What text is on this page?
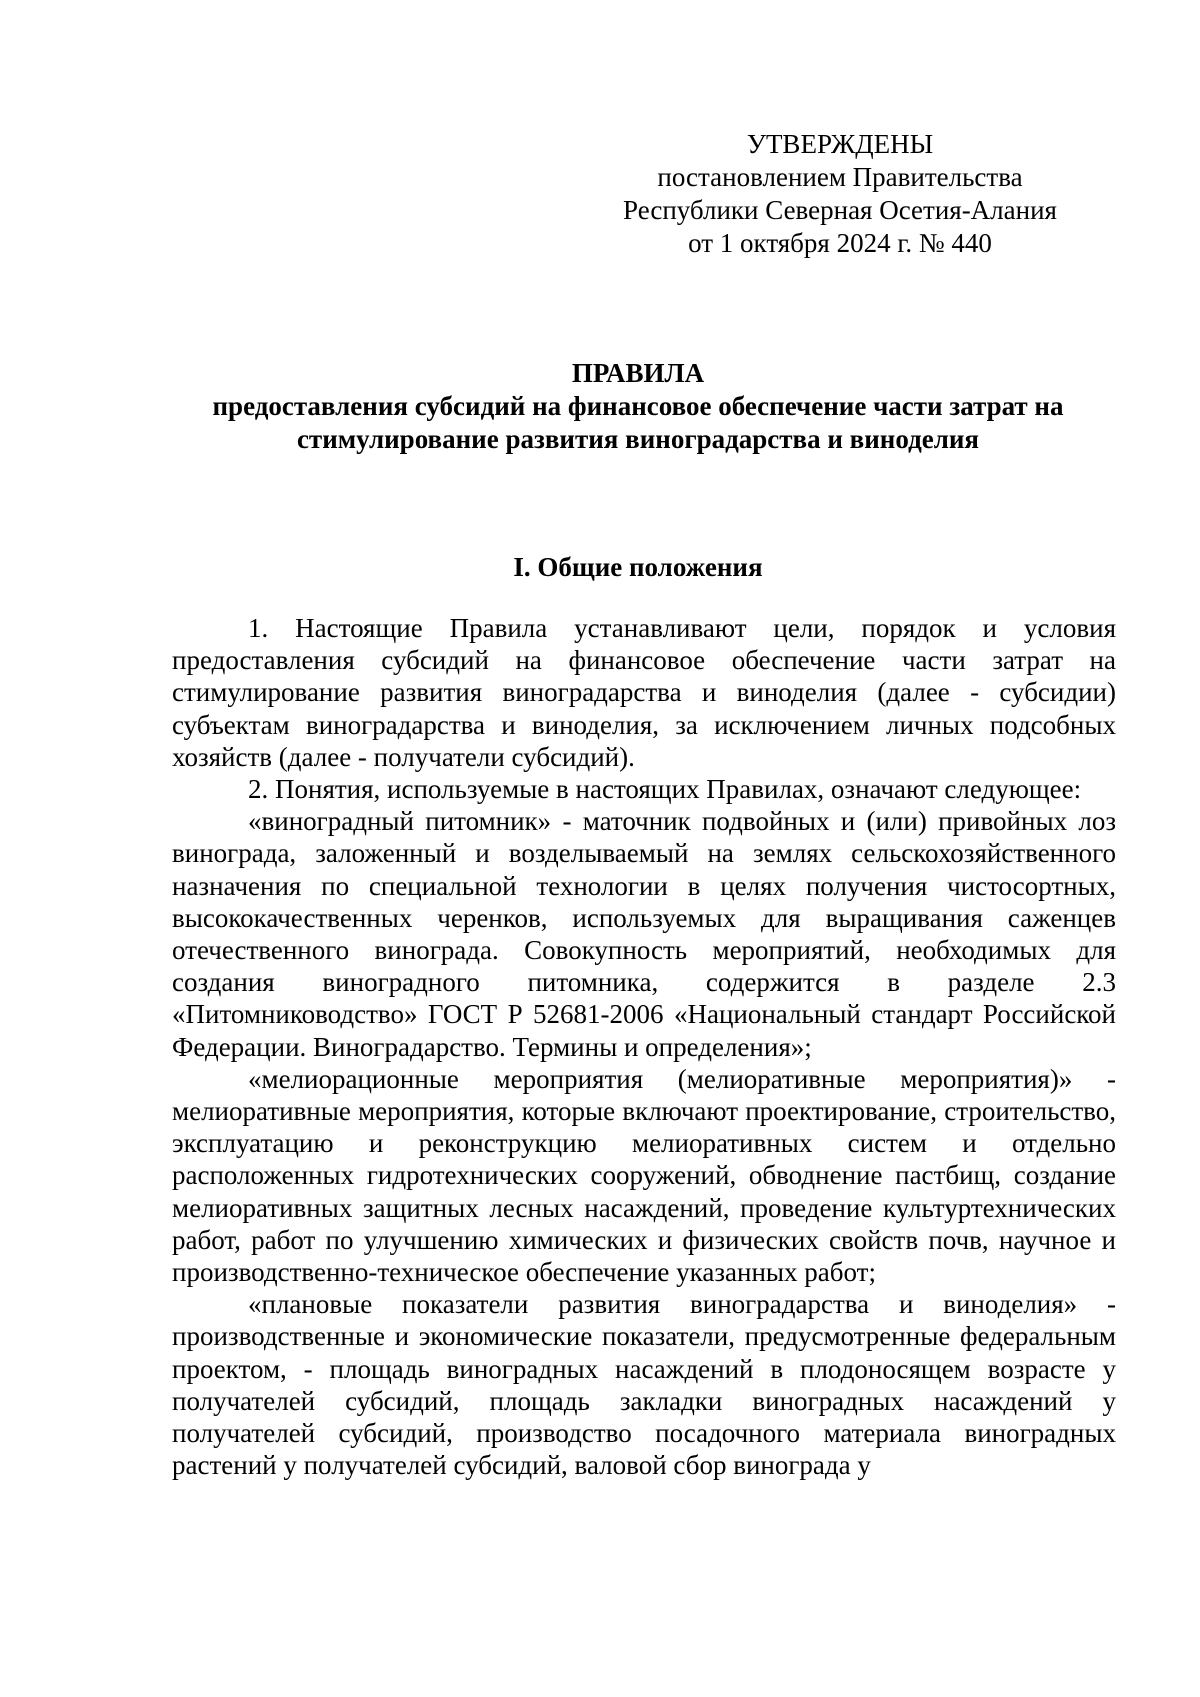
УТВЕРЖДЕНЫ
постановлением Правительства
Республики Северная Осетия-Алания
от 1 октября 2024 г. № 440
ПРАВИЛА
предоставления субсидий на финансовое обеспечение части затрат на
стимулирование развития виноградарства и виноделия
I. Общие положения

1. Настоящие Правила устанавливают цели, порядок и условия предоставления субсидий на финансовое обеспечение части затрат на стимулирование развития виноградарства и виноделия (далее - субсидии) субъектам виноградарства и виноделия, за исключением личных подсобных хозяйств (далее - получатели субсидий).

2. Понятия, используемые в настоящих Правилах, означают следующее:

«виноградный питомник» - маточник подвойных и (или) привойных лоз винограда, заложенный и возделываемый на землях сельскохозяйственного назначения по специальной технологии в целях получения чистосортных, высококачественных черенков, используемых для выращивания саженцев отечественного винограда. Совокупность мероприятий, необходимых для создания виноградного питомника, содержится в разделе 2.3 «Питомниководство» ГОСТ Р 52681-2006 «Национальный стандарт Российской Федерации. Виноградарство. Термины и определения»;

«мелиорационные мероприятия (мелиоративные мероприятия)» - мелиоративные мероприятия, которые включают проектирование, строительство, эксплуатацию и реконструкцию мелиоративных систем и отдельно расположенных гидротехнических сооружений, обводнение пастбищ, создание мелиоративных защитных лесных насаждений, проведение культуртехнических работ, работ по улучшению химических и физических свойств почв, научное и производственно-техническое обеспечение указанных работ;

«плановые показатели развития виноградарства и виноделия» - производственные и экономические показатели, предусмотренные федеральным проектом, - площадь виноградных насаждений в плодоносящем возрасте у получателей субсидий, площадь закладки виноградных насаждений у получателей субсидий, производство посадочного материала виноградных растений у получателей субсидий, валовой сбор винограда у
